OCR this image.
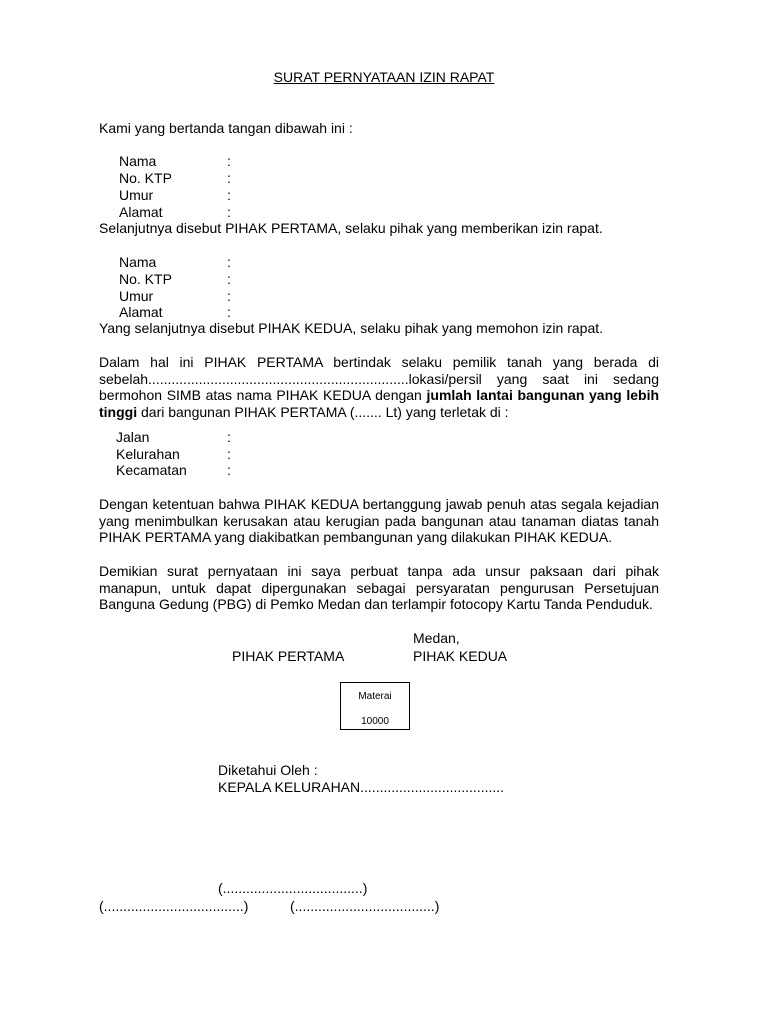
SURAT PERNYATAAN IZIN RAPAT
Kami yang bertanda tangan dibawah ini :
Nama	:
No. KTP	:
Umur	:
Alamat	:
Selanjutnya disebut PIHAK PERTAMA, selaku pihak yang memberikan izin rapat.
Nama	:
No. KTP	:
Umur	:
Alamat	:
Yang selanjutnya disebut PIHAK KEDUA, selaku pihak yang memohon izin rapat.
Dalam hal ini PIHAK PERTAMA bertindak selaku pemilik tanah yang berada di sebelah...................................................................lokasi/persil yang saat ini sedang bermohon SIMB atas nama PIHAK KEDUA dengan jumlah lantai bangunan yang lebih tinggi dari bangunan PIHAK PERTAMA (....... Lt) yang terletak di :
Jalan	:
Kelurahan	:
Kecamatan	:
Dengan ketentuan bahwa PIHAK KEDUA bertanggung jawab penuh atas segala kejadian yang menimbulkan kerusakan atau kerugian pada bangunan atau tanaman diatas tanah PIHAK PERTAMA yang diakibatkan pembangunan yang dilakukan PIHAK KEDUA.
Demikian surat pernyataan ini saya perbuat tanpa ada unsur paksaan dari pihak manapun, untuk dapat dipergunakan sebagai persyaratan pengurusan Persetujuan Banguna Gedung (PBG) di Pemko Medan dan terlampir fotocopy Kartu Tanda Penduduk.
Medan,
PIHAK PERTAMA	PIHAK KEDUA
Materai
10000
Diketahui Oleh :
KEPALA KELURAHAN.....................................
(....................................)
(....................................)	(....................................)
